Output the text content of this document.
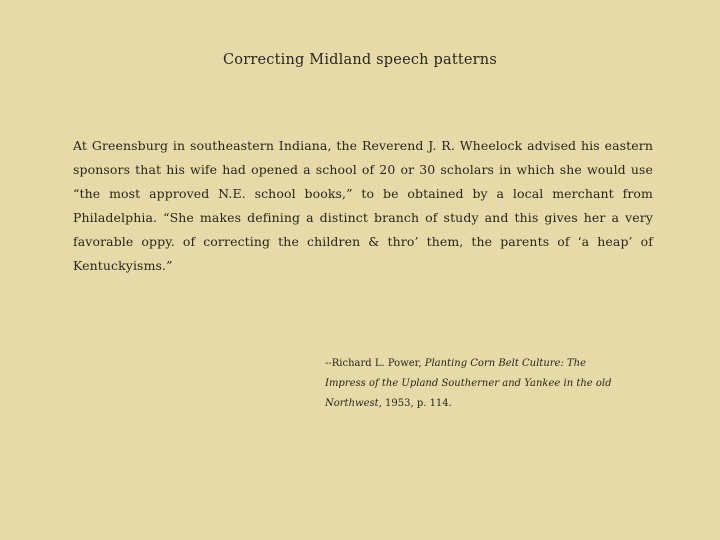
Correcting Midland speech patterns
At Greensburg in southeastern Indiana, the Reverend J. R. Wheelock advised his eastern sponsors that his wife had opened a school of 20 or 30 scholars in which she would use “the most approved N.E. school books,” to be obtained by a local merchant from Philadelphia. “She makes defining a distinct branch of study and this gives her a very favorable oppy. of correcting the children & thro’ them, the parents of ‘a heap’ of Kentuckyisms.”
--Richard L. Power, Planting Corn Belt Culture: The Impress of the Upland Southerner and Yankee in the old Northwest, 1953, p. 114.
